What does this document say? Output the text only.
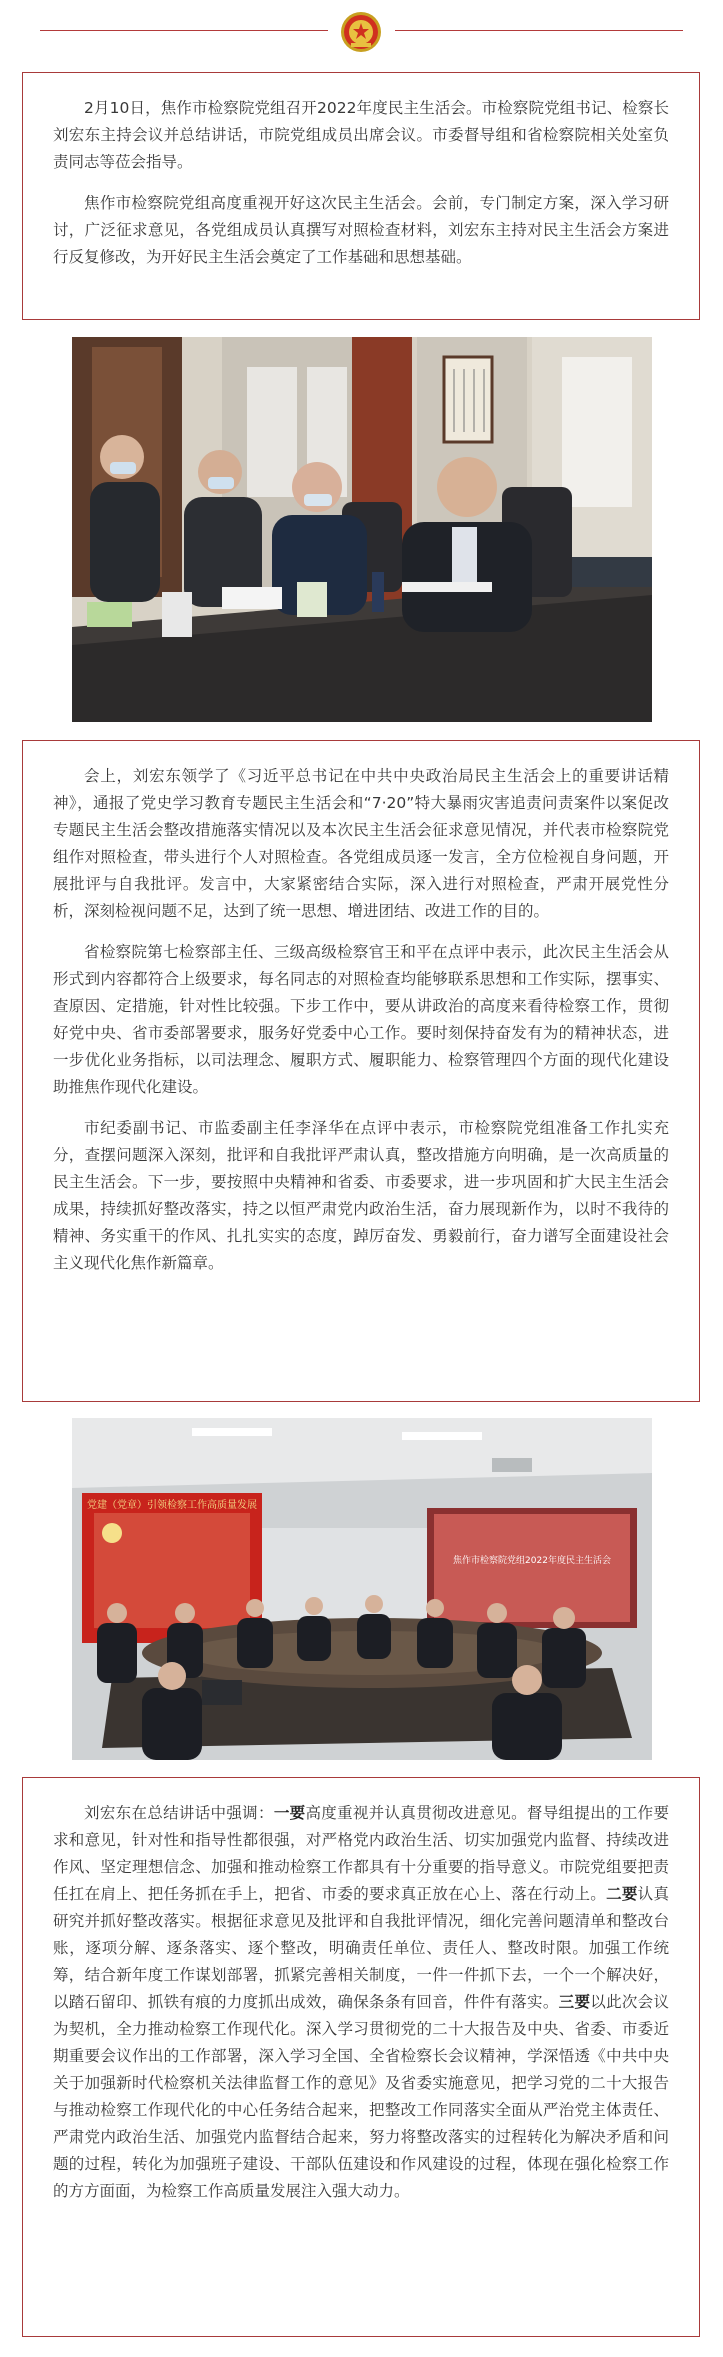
2月10日，焦作市检察院党组召开2022年度民主生活会。市检察院党组书记、检察长刘宏东主持会议并总结讲话，市院党组成员出席会议。市委督导组和省检察院相关处室负责同志等莅会指导。

焦作市检察院党组高度重视开好这次民主生活会。会前，专门制定方案，深入学习研讨，广泛征求意见，各党组成员认真撰写对照检查材料，刘宏东主持对民主生活会方案进行反复修改，为开好民主生活会奠定了工作基础和思想基础。

会上，刘宏东领学了《习近平总书记在中共中央政治局民主生活会上的重要讲话精神》，通报了党史学习教育专题民主生活会和“7·20”特大暴雨灾害追责问责案件以案促改专题民主生活会整改措施落实情况以及本次民主生活会征求意见情况，并代表市检察院党组作对照检查，带头进行个人对照检查。各党组成员逐一发言，全方位检视自身问题，开展批评与自我批评。发言中，大家紧密结合实际，深入进行对照检查，严肃开展党性分析，深刻检视问题不足，达到了统一思想、增进团结、改进工作的目的。

省检察院第七检察部主任、三级高级检察官王和平在点评中表示，此次民主生活会从形式到内容都符合上级要求，每名同志的对照检查均能够联系思想和工作实际，摆事实、查原因、定措施，针对性比较强。下步工作中，要从讲政治的高度来看待检察工作，贯彻好党中央、省市委部署要求，服务好党委中心工作。要时刻保持奋发有为的精神状态，进一步优化业务指标，以司法理念、履职方式、履职能力、检察管理四个方面的现代化建设助推焦作现代化建设。

市纪委副书记、市监委副主任李泽华在点评中表示，市检察院党组准备工作扎实充分，查摆问题深入深刻，批评和自我批评严肃认真，整改措施方向明确，是一次高质量的民主生活会。下一步，要按照中央精神和省委、市委要求，进一步巩固和扩大民主生活会成果，持续抓好整改落实，持之以恒严肃党内政治生活，奋力展现新作为，以时不我待的精神、务实重干的作风、扎扎实实的态度，踔厉奋发、勇毅前行，奋力谱写全面建设社会主义现代化焦作新篇章。

党建（党章）引领检察工作高质量发展
焦作市检察院党组2022年度民主生活会

刘宏东在总结讲话中强调：一要高度重视并认真贯彻改进意见。督导组提出的工作要求和意见，针对性和指导性都很强，对严格党内政治生活、切实加强党内监督、持续改进作风、坚定理想信念、加强和推动检察工作都具有十分重要的指导意义。市院党组要把责任扛在肩上、把任务抓在手上，把省、市委的要求真正放在心上、落在行动上。二要认真研究并抓好整改落实。根据征求意见及批评和自我批评情况，细化完善问题清单和整改台账，逐项分解、逐条落实、逐个整改，明确责任单位、责任人、整改时限。加强工作统筹，结合新年度工作谋划部署，抓紧完善相关制度，一件一件抓下去，一个一个解决好，以踏石留印、抓铁有痕的力度抓出成效，确保条条有回音，件件有落实。三要以此次会议为契机，全力推动检察工作现代化。深入学习贯彻党的二十大报告及中央、省委、市委近期重要会议作出的工作部署，深入学习全国、全省检察长会议精神，学深悟透《中共中央关于加强新时代检察机关法律监督工作的意见》及省委实施意见，把学习党的二十大报告与推动检察工作现代化的中心任务结合起来，把整改工作同落实全面从严治党主体责任、严肃党内政治生活、加强党内监督结合起来，努力将整改落实的过程转化为解决矛盾和问题的过程，转化为加强班子建设、干部队伍建设和作风建设的过程，体现在强化检察工作的方方面面，为检察工作高质量发展注入强大动力。
